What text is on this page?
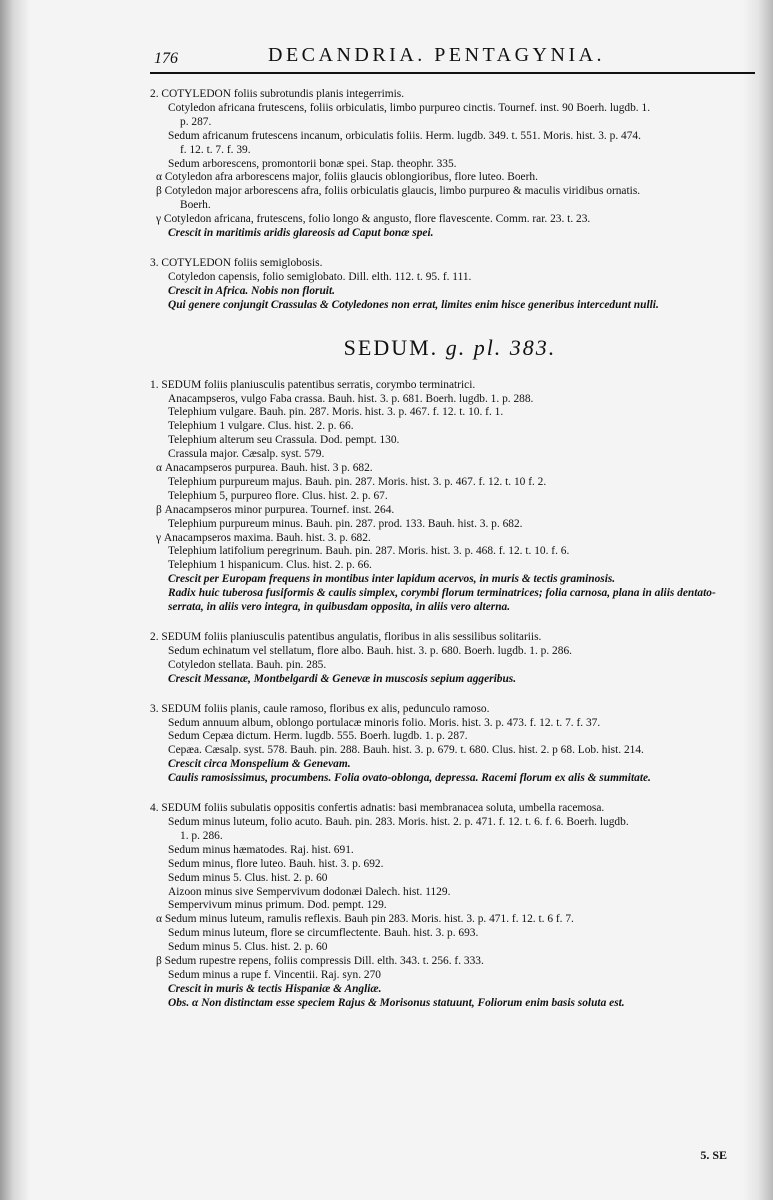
176	DECANDRIA. PENTAGYNIA.
2. COTYLEDON foliis subrotundis planis integerrimis.
Cotyledon africana frutescens, foliis orbiculatis, limbo purpureo cinctis. Tournef. inst. 90 Boerh. lugdb. 1.
p. 287.
Sedum africanum frutescens incanum, orbiculatis foliis. Herm. lugdb. 349. t. 551. Moris. hist. 3. p. 474.
f. 12. t. 7. f. 39.
Sedum arborescens, promontorii bonæ spei. Stap. theophr. 335.
α Cotyledon afra arborescens major, foliis glaucis oblongioribus, flore luteo. Boerh.
β Cotyledon major arborescens afra, foliis orbiculatis glaucis, limbo purpureo & maculis viridibus ornatis.
Boerh.
γ Cotyledon africana, frutescens, folio longo & angusto, flore flavescente. Comm. rar. 23. t. 23.
Crescit in maritimis aridis glareosis ad Caput bonæ spei.
3. COTYLEDON foliis semiglobosis.
Cotyledon capensis, folio semiglobato. Dill. elth. 112. t. 95. f. 111.
Crescit in Africa. Nobis non floruit.
Qui genere conjungit Crassulas & Cotyledones non errat, limites enim hisce generibus intercedunt nulli.
SEDUM. g. pl. 383.
1. SEDUM foliis planiusculis patentibus serratis, corymbo terminatrici.
Anacampseros, vulgo Faba crassa. Bauh. hist. 3. p. 681. Boerh. lugdb. 1. p. 288.
Telephium vulgare. Bauh. pin. 287. Moris. hist. 3. p. 467. f. 12. t. 10. f. 1.
Telephium 1 vulgare. Clus. hist. 2. p. 66.
Telephium alterum seu Crassula. Dod. pempt. 130.
Crassula major. Cæsalp. syst. 579.
α Anacampseros purpurea. Bauh. hist. 3 p. 682.
Telephium purpureum majus. Bauh. pin. 287. Moris. hist. 3. p. 467. f. 12. t. 10 f. 2.
Telephium 5, purpureo flore. Clus. hist. 2. p. 67.
β Anacampseros minor purpurea. Tournef. inst. 264.
Telephium purpureum minus. Bauh. pin. 287. prod. 133. Bauh. hist. 3. p. 682.
γ Anacampseros maxima. Bauh. hist. 3. p. 682.
Telephium latifolium peregrinum. Bauh. pin. 287. Moris. hist. 3. p. 468. f. 12. t. 10. f. 6.
Telephium 1 hispanicum. Clus. hist. 2. p. 66.
Crescit per Europam frequens in montibus inter lapidum acervos, in muris & tectis graminosis.
Radix huic tuberosa fusiformis & caulis simplex, corymbi florum terminatrices; folia carnosa, plana in aliis dentato-serrata, in aliis vero integra, in quibusdam opposita, in aliis vero alterna.
2. SEDUM foliis planiusculis patentibus angulatis, floribus in alis sessilibus solitariis.
Sedum echinatum vel stellatum, flore albo. Bauh. hist. 3. p. 680. Boerh. lugdb. 1. p. 286.
Cotyledon stellata. Bauh. pin. 285.
Crescit Messanæ, Montbelgardi & Genevæ in muscosis sepium aggeribus.
3. SEDUM foliis planis, caule ramoso, floribus ex alis, pedunculo ramoso.
Sedum annuum album, oblongo portulacæ minoris folio. Moris. hist. 3. p. 473. f. 12. t. 7. f. 37.
Sedum Cepæa dictum. Herm. lugdb. 555. Boerh. lugdb. 1. p. 287.
Cepæa. Cæsalp. syst. 578. Bauh. pin. 288. Bauh. hist. 3. p. 679. t. 680. Clus. hist. 2. p 68. Lob. hist. 214.
Crescit circa Monspelium & Genevam.
Caulis ramosissimus, procumbens. Folia ovato-oblonga, depressa. Racemi florum ex alis & summitate.
4. SEDUM foliis subulatis oppositis confertis adnatis: basi membranacea soluta, umbella racemosa.
Sedum minus luteum, folio acuto. Bauh. pin. 283. Moris. hist. 2. p. 471. f. 12. t. 6. f. 6. Boerh. lugdb.
1. p. 286.
Sedum minus hæmatodes. Raj. hist. 691.
Sedum minus, flore luteo. Bauh. hist. 3. p. 692.
Sedum minus 5. Clus. hist. 2. p. 60
Aizoon minus sive Sempervivum dodonæi Dalech. hist. 1129.
Sempervivum minus primum. Dod. pempt. 129.
α Sedum minus luteum, ramulis reflexis. Bauh pin 283. Moris. hist. 3. p. 471. f. 12. t. 6 f. 7.
Sedum minus luteum, flore se circumflectente. Bauh. hist. 3. p. 693.
Sedum minus 5. Clus. hist. 2. p. 60
β Sedum rupestre repens, foliis compressis Dill. elth. 343. t. 256. f. 333.
Sedum minus a rupe f. Vincentii. Raj. syn. 270
Crescit in muris & tectis Hispaniæ & Angliæ.
Obs. α Non distinctam esse speciem Rajus & Morisonus statuunt, Foliorum enim basis soluta est.
5. SE
